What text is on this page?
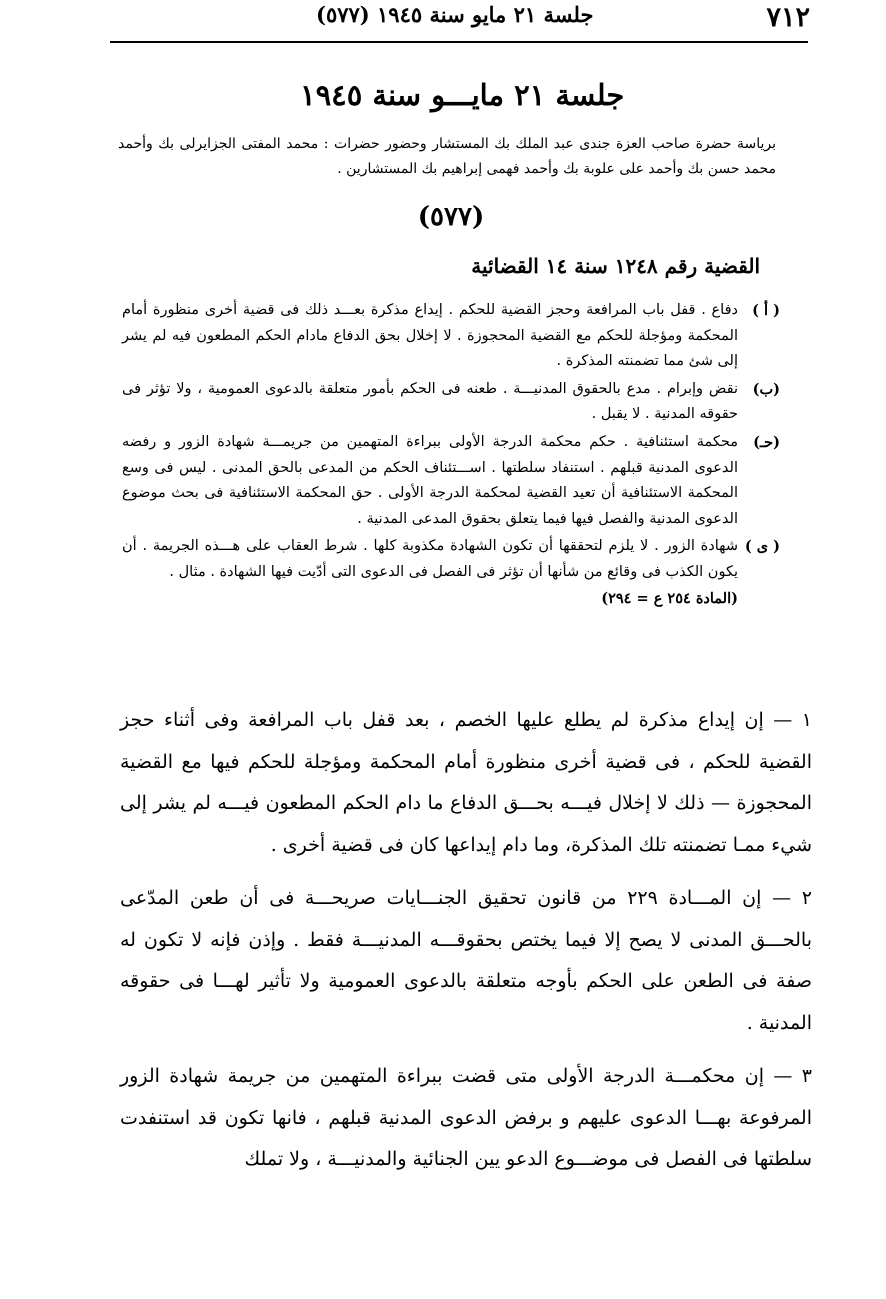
٧١٢
جلسة ٢١ مايو سنة ١٩٤٥ (٥٧٧)
جلسة ٢١ مايـــو سنة ١٩٤٥
برياسة حضرة صاحب العزة جندى عبد الملك بك المستشار وحضور حضرات : محمد المفتى الجزايرلى بك وأحمد محمد حسن بك وأحمد على علوبة بك وأحمد فهمى إبراهيم بك المستشارين .
(٥٧٧)
القضية رقم ١٢٤٨ سنة ١٤ القضائية
( أ )
دفاع . قفل باب المرافعة وحجز القضية للحكم . إيداع مذكرة بعـــد ذلك فى قضية أخرى منظورة أمام المحكمة ومؤجلة للحكم مع القضية المحجوزة . لا إخلال بحق الدفاع مادام الحكم المطعون فيه لم يشر إلى شئ مما تضمنته المذكرة .
(ب)
نقض وإبرام . مدع بالحقوق المدنيـــة . طعنه فى الحكم بأمور متعلقة بالدعوى العمومية ، ولا تؤثر فى حقوقه المدنية . لا يقبل .
(حـ)
محكمة استئنافية . حكم محكمة الدرجة الأولى ببراءة المتهمين من جريمـــة شهادة الزور و رفضه الدعوى المدنية قبلهم . استنفاد سلطتها . اســـتئناف الحكم من المدعى بالحق المدنى . ليس فى وسع المحكمة الاستئنافية أن تعيد القضية لمحكمة الدرجة الأولى . حق المحكمة الاستئنافية فى بحث موضوع الدعوى المدنية والفصل فيها فيما يتعلق بحقوق المدعى المدنية .
( ى )
شهادة الزور . لا يلزم لتحققها أن تكون الشهادة مكذوبة كلها . شرط العقاب على هـــذه الجريمة . أن يكون الكذب فى وقائع من شأنها أن تؤثر فى الفصل فى الدعوى التى أدّيت فيها الشهادة . مثال .
(المادة ٢٥٤ ع = ٢٩٤)

١ — إن إيداع مذكرة لم يطلع عليها الخصم ، بعد قفل باب المرافعة وفى أثناء حجز القضية للحكم ، فى قضية أخرى منظورة أمام المحكمة ومؤجلة للحكم فيها مع القضية المحجوزة — ذلك لا إخلال فيـــه بحـــق الدفاع ما دام الحكم المطعون فيـــه لم يشر إلى شيء ممـا تضمنته تلك المذكرة، وما دام إيداعها كان فى قضية أخرى .

٢ — إن المـــادة ٢٢٩ من قانون تحقيق الجنـــايات صريحـــة فى أن طعن المدّعى بالحـــق المدنى لا يصح إلا فيما يختص بحقوقـــه المدنيـــة فقط . وإذن فإنه لا تكون له صفة فى الطعن على الحكم بأوجه متعلقة بالدعوى العمومية ولا تأثير لهـــا فى حقوقه المدنية .

٣ — إن محكمـــة الدرجة الأولى متى قضت ببراءة المتهمين من جريمة شهادة الزور المرفوعة بهـــا الدعوى عليهم و برفض الدعوى المدنية قبلهم ، فانها تكون قد استنفدت سلطتها فى الفصل فى موضـــوع الدعو يين الجنائية والمدنيـــة ، ولا تملك
